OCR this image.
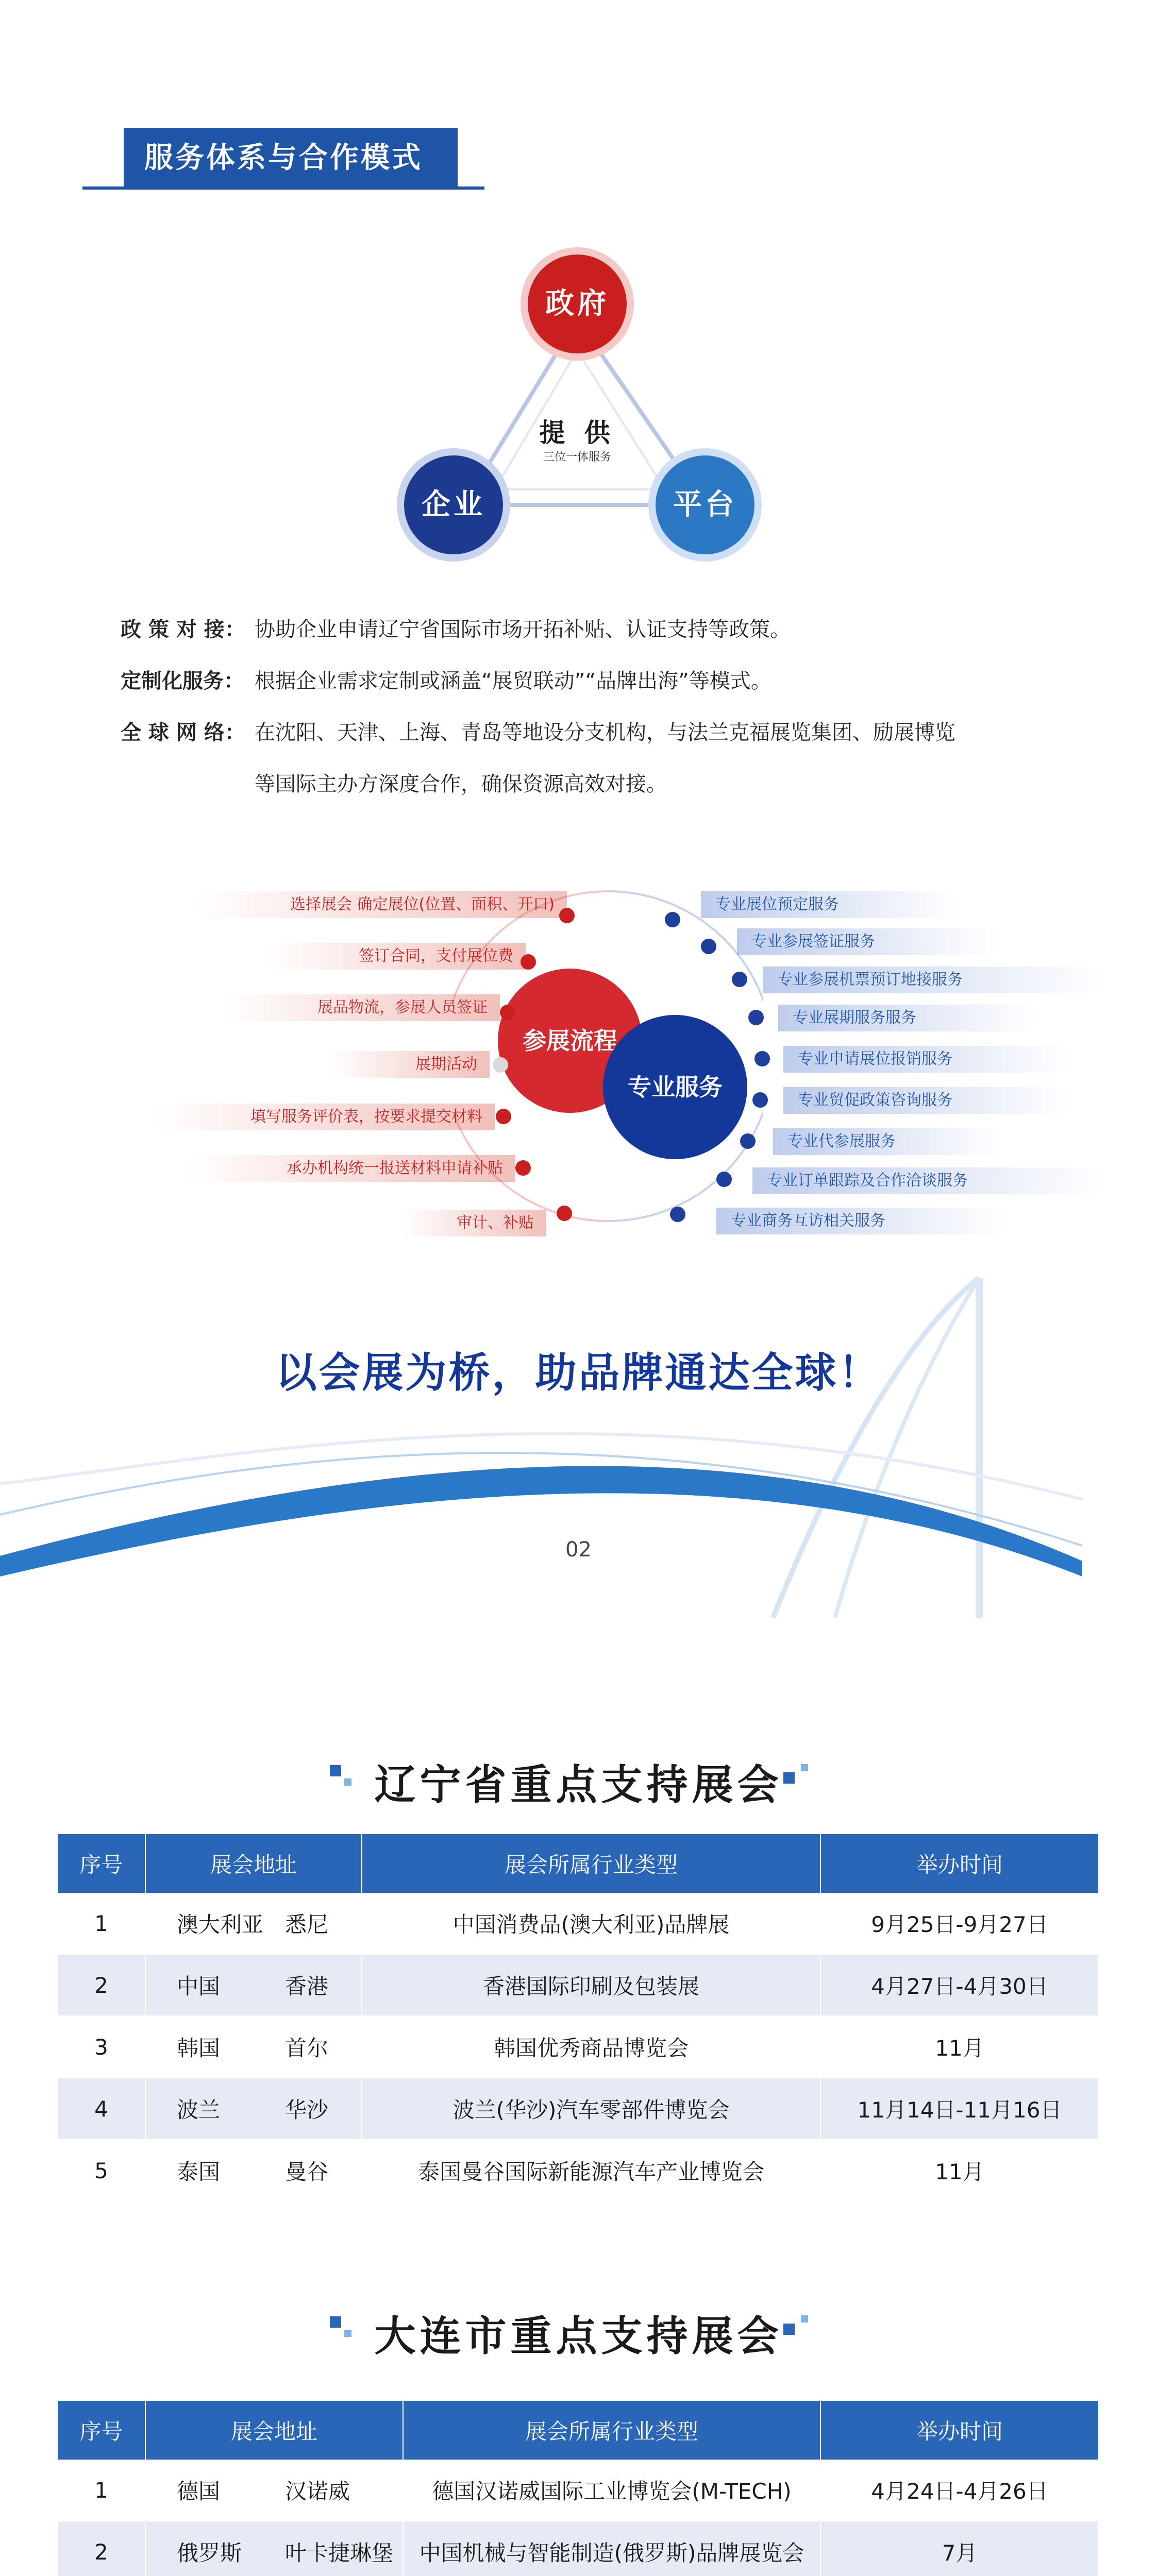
服务体系与合作模式
政府
企业	平台
提 供
三位一体服务
政 策 对 接： 协助企业申请辽宁省国际市场开拓补贴、认证支持等政策。
定制化服务： 根据企业需求定制或涵盖“展贸联动”“品牌出海”等模式。
全 球 网 络： 在沈阳、天津、上海、青岛等地设分支机构，与法兰克福展览集团、励展博览
等国际主办方深度合作，确保资源高效对接。
参展流程
专业服务
选择展会 确定展位(位置、面积、开口)
签订合同，支付展位费
展品物流，参展人员签证
展期活动
填写服务评价表，按要求提交材料
承办机构统一报送材料申请补贴
审计、补贴
专业展位预定服务
专业参展签证服务
专业参展机票预订地接服务
专业展期服务服务
专业申请展位报销服务
专业贸促政策咨询服务
专业代参展服务
专业订单跟踪及合作洽谈服务
专业商务互访相关服务
以会展为桥，助品牌通达全球！
02
辽宁省重点支持展会
序号	展会地址	展会所属行业类型	举办时间
1	澳大利亚　悉尼	中国消费品(澳大利亚)品牌展	9月25日-9月27日
2	中国　　　香港	香港国际印刷及包装展	4月27日-4月30日
3	韩国　　　首尔	韩国优秀商品博览会	11月
4	波兰　　　华沙	波兰(华沙)汽车零部件博览会	11月14日-11月16日
5	泰国　　　曼谷	泰国曼谷国际新能源汽车产业博览会	11月
大连市重点支持展会
序号	展会地址	展会所属行业类型	举办时间
1	德国　　　汉诺威	德国汉诺威国际工业博览会(M-TECH)	4月24日-4月26日
2	俄罗斯　　叶卡捷琳堡	中国机械与智能制造(俄罗斯)品牌展览会	7月
